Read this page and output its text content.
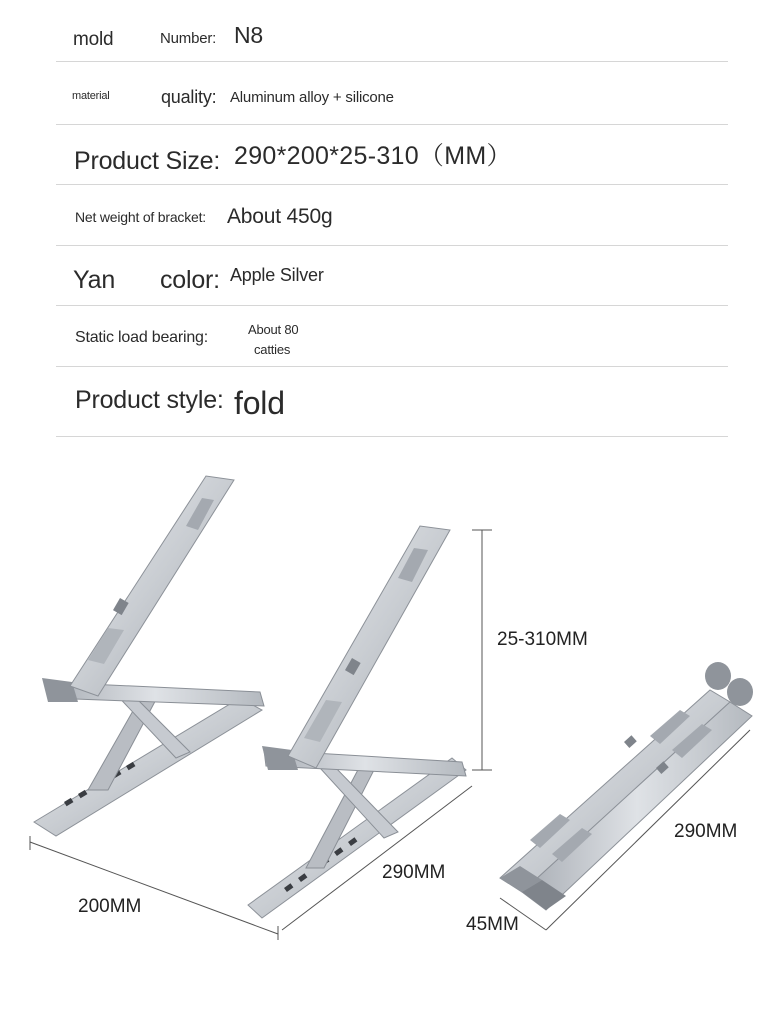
mold	Number: N8
material	quality: Aluminum alloy + silicone
Product Size: 290*200*25-310（MM）
Net weight of bracket: About 450g
Yan color: Apple Silver
Static load bearing:	About 80
catties
Product style: fold
25-310MM
290MM
200MM
290MM
45MM
